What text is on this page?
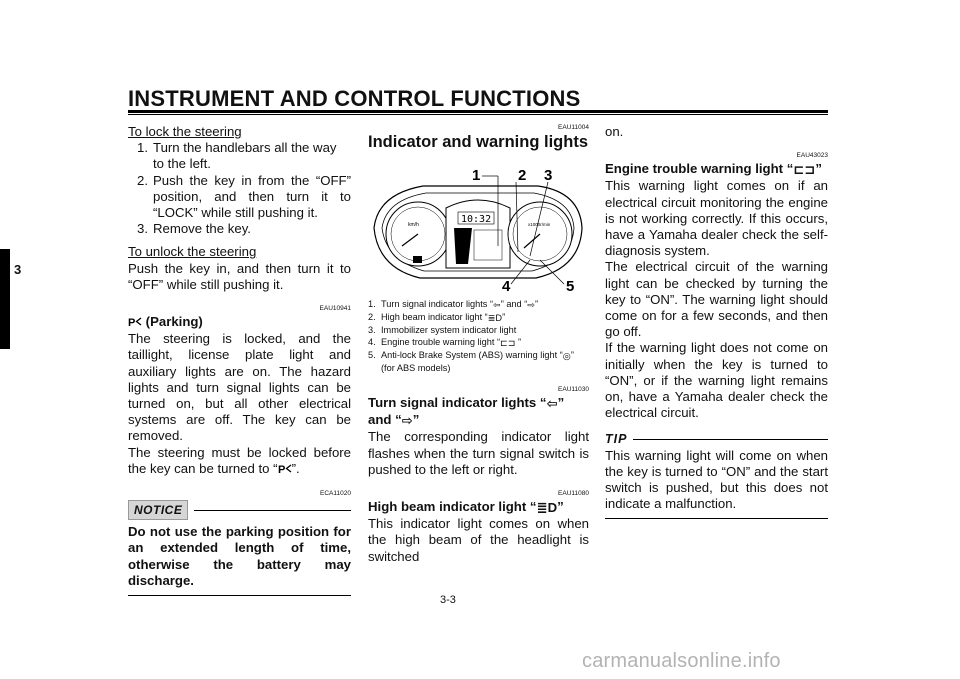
INSTRUMENT AND CONTROL FUNCTIONS
3
To lock the steering
1. Turn the handlebars all the way to the left.
2. Push the key in from the “OFF” position, and then turn it to “LOCK” while still pushing it.
3. Remove the key.
To unlock the steering
Push the key in, and then turn it to “OFF” while still pushing it.
EAU10941
P (Parking)
The steering is locked, and the taillight, license plate light and auxiliary lights are on. The hazard lights and turn signal lights can be turned on, but all other electrical systems are off. The key can be removed.
The steering must be locked before the key can be turned to “ P ”.
ECA11020
NOTICE
Do not use the parking position for an extended length of time, otherwise the battery may discharge.
EAU11004
Indicator and warning lights
10:32
km/h	x1000r/min
1	2 3
4	5
1. Turn signal indicator lights “⇦” and “⇨”
2. High beam indicator light “≣D”
3. Immobilizer system indicator light
4. Engine trouble warning light “⊏⊐ ”
5. Anti-lock Brake System (ABS) warning light “◎” (for ABS models)
EAU11030
Turn signal indicator lights “⇦” and “⇨”
The corresponding indicator light flashes when the turn signal switch is pushed to the left or right.
EAU11080
High beam indicator light “≣D”
This indicator light comes on when the high beam of the headlight is switched
on.
EAU43023
Engine trouble warning light “⊏⊐”
This warning light comes on if an electrical circuit monitoring the engine is not working correctly. If this occurs, have a Yamaha dealer check the self-diagnosis system.
The electrical circuit of the warning light can be checked by turning the key to “ON”. The warning light should come on for a few seconds, and then go off.
If the warning light does not come on initially when the key is turned to “ON”, or if the warning light remains on, have a Yamaha dealer check the electrical circuit.
TIP
This warning light will come on when the key is turned to “ON” and the start switch is pushed, but this does not indicate a malfunction.
3-3
carmanualsonline.info
